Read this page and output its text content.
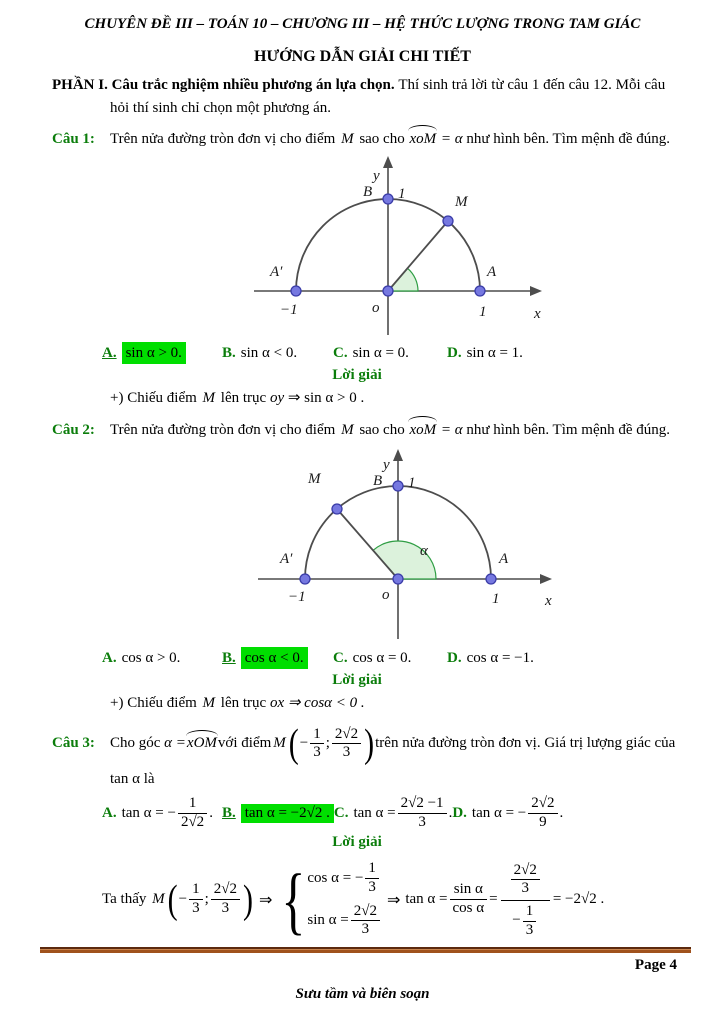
CHUYÊN ĐỀ III – TOÁN 10 – CHƯƠNG III – HỆ THỨC LƯỢNG TRONG TAM GIÁC
HƯỚNG DẪN GIẢI CHI TIẾT
PHẦN I. Câu trắc nghiệm nhiều phương án lựa chọn. Thí sinh trả lời từ câu 1 đến câu 12. Mỗi câu hỏi thí sinh chỉ chọn một phương án.
Câu 1:	Trên nửa đường tròn đơn vị cho điểm M sao cho xoM = α như hình bên. Tìm mệnh đề đúng.
y
B 1	M
A′	A
−1	o	1	x
A. sin α > 0.	B. sin α < 0. C. sin α = 0.	D. sin α = 1.
Lời giải
+) Chiếu điểm M lên trục oy ⇒ sin α > 0 .
Câu 2:	Trên nửa đường tròn đơn vị cho điểm M sao cho xoM = α như hình bên. Tìm mệnh đề đúng.
M
y
B 1
α
A′	A
−1	o	1	x
A. cos α > 0.	B. cos α < 0. C. cos α = 0. D. cos α = −1.
Lời giải
+) Chiếu điểm M lên trục ox ⇒ cosα < 0 .
Câu 3:	Cho góc
α = xOM với điểm M ( − $\frac{1}{3}$ ; $\frac{2√2}{3}$ ) trên nửa đường tròn đơn vị. Giá trị lượng giác của
tan α là
A. tan α = − $\frac{1}{2√2}$ . B. tan α = −2√2 . C. $\tan \alpha = \frac{2√2 -1}{3}$ . D. tan α = − $\frac{2√2}{9}$ .
Lời giải
Ta thấy
M ( − $\frac{1}{3}$ ; $\frac{2√2}{3}$ ) ⇒ { cos α = − $\frac{1}{3}$
$\sin \alpha = \frac{2√2}{3}$
⇒ $\tan \alpha = \frac{\text{sin α}}{\text{cos α}} = \frac{\frac{2√2}{3}}{- \frac{1}{3}} = -2√2$ .
Page 4
Sưu tầm và biên soạn
